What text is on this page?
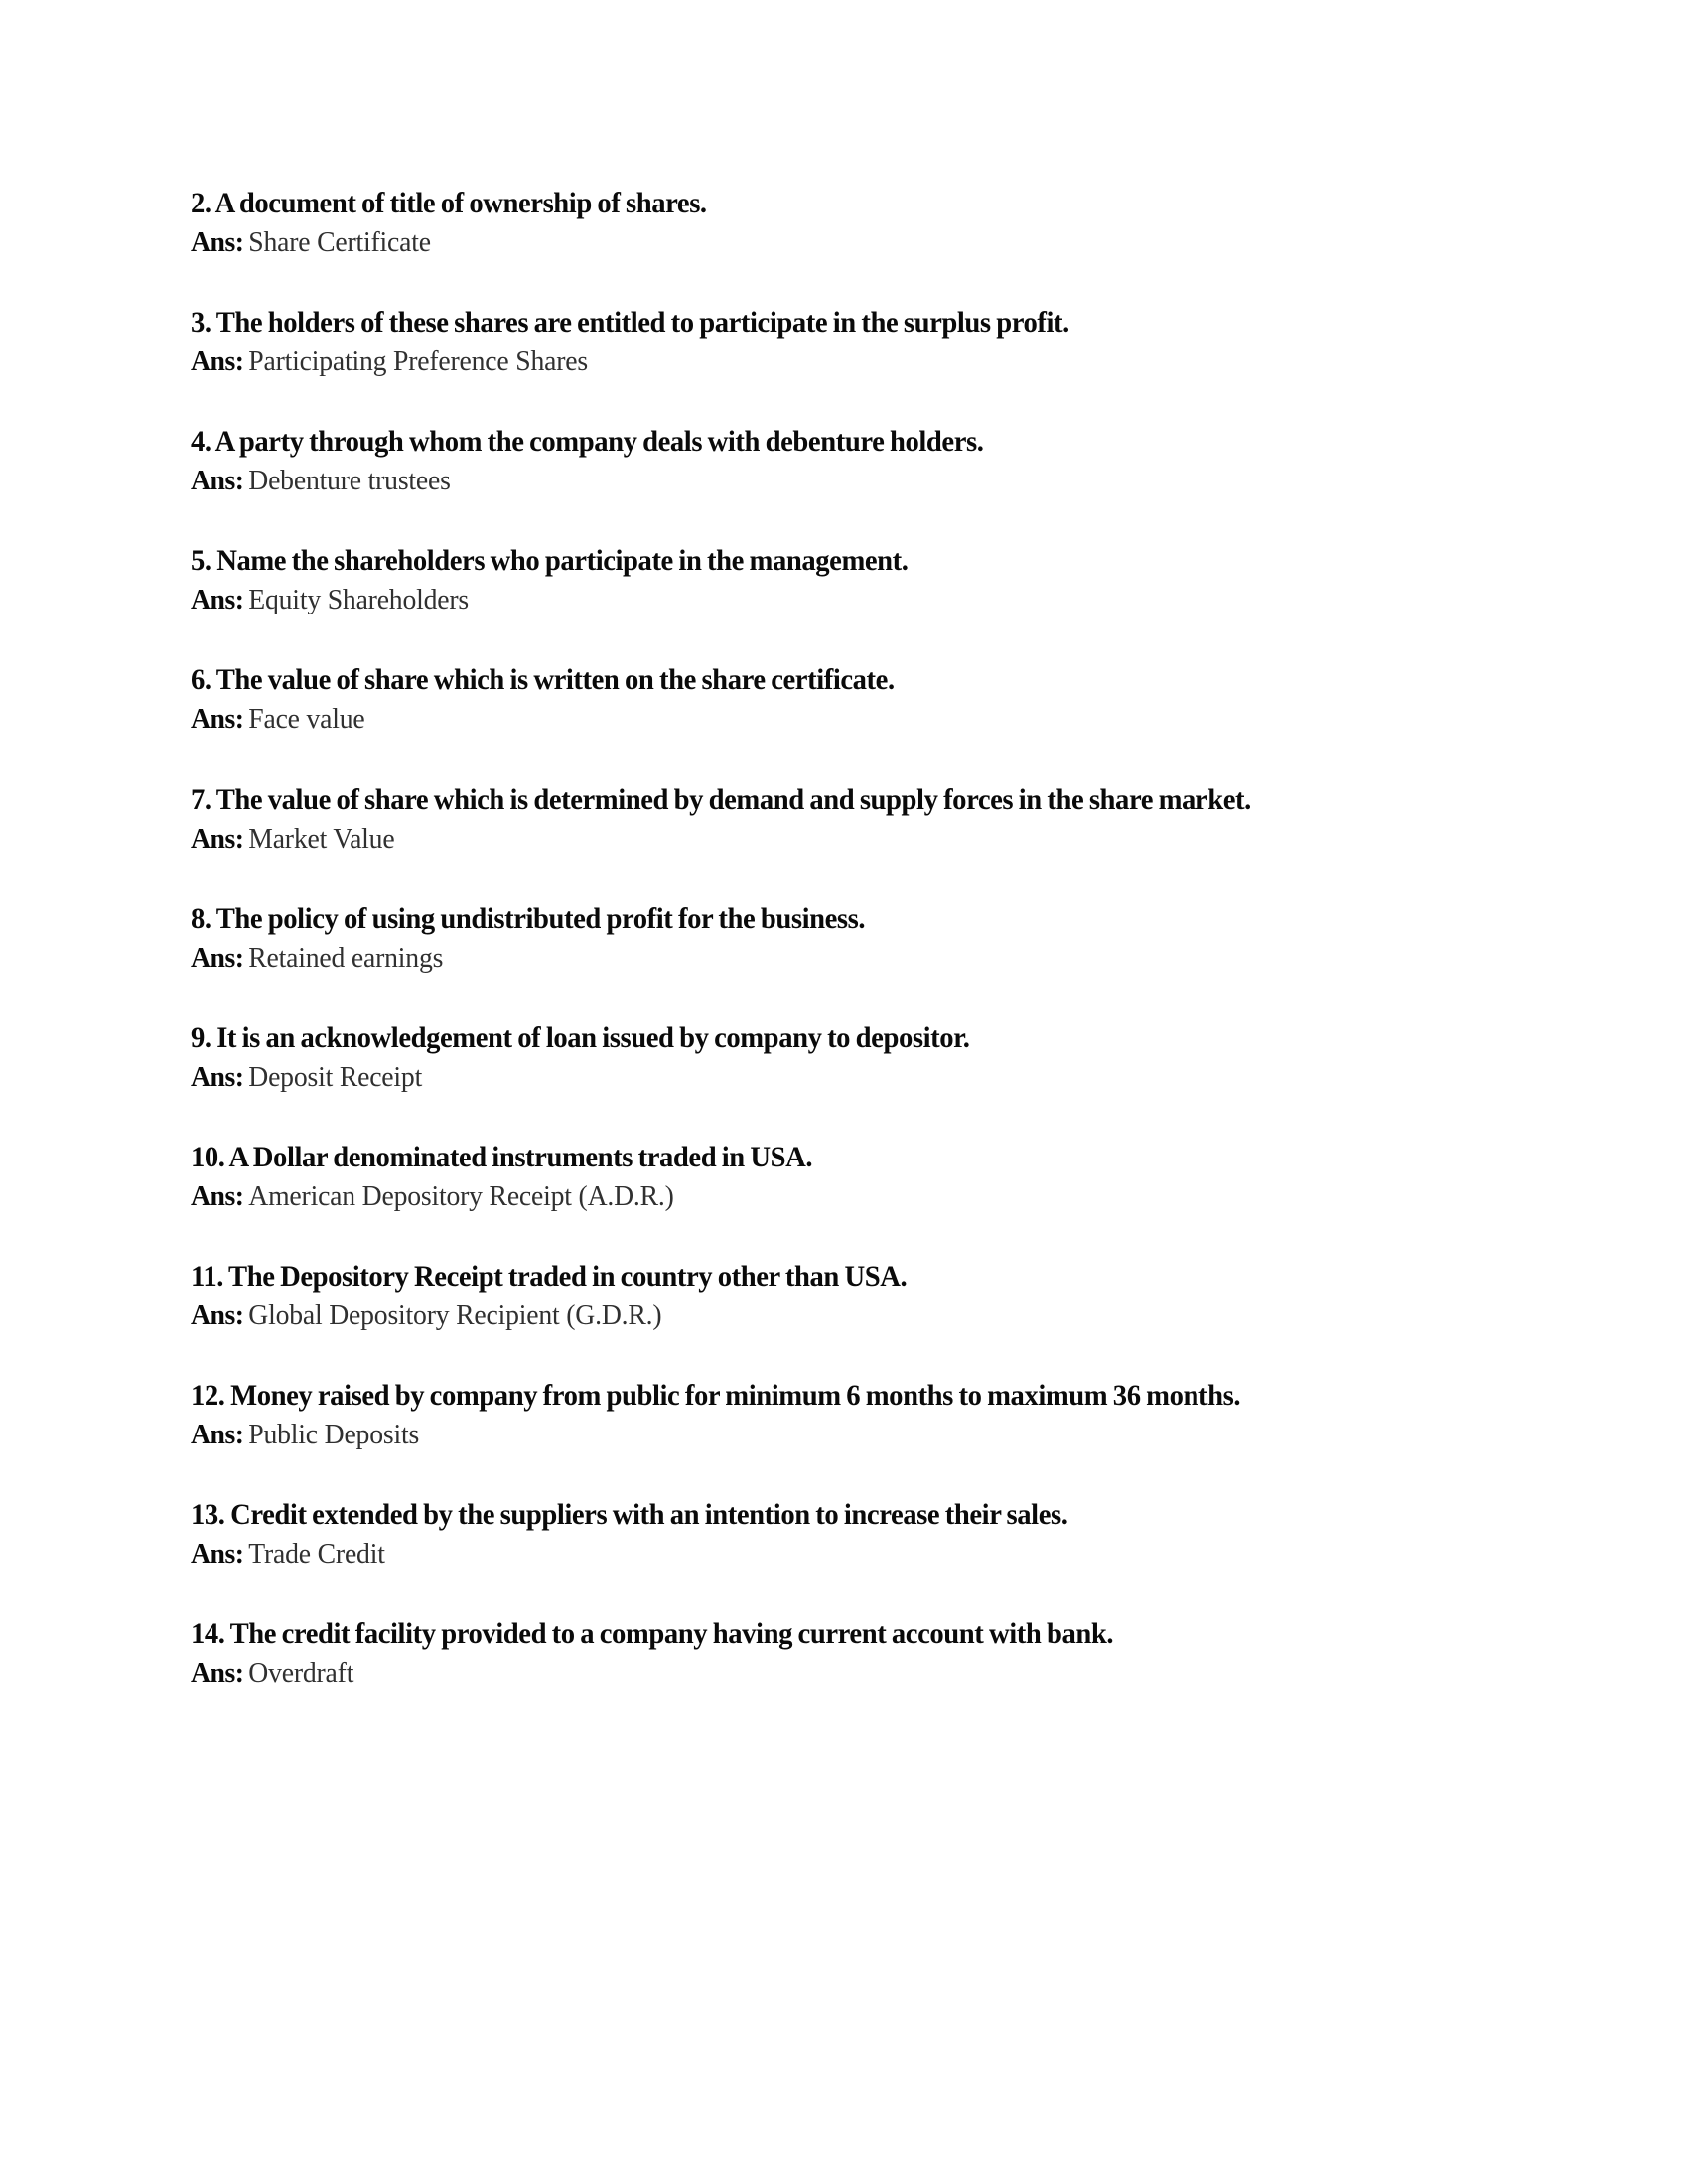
2. A document of title of ownership of shares.

Ans: Share Certificate

3. The holders of these shares are entitled to participate in the surplus profit.

Ans: Participating Preference Shares

4. A party through whom the company deals with debenture holders.

Ans: Debenture trustees

5. Name the shareholders who participate in the management.

Ans: Equity Shareholders

6. The value of share which is written on the share certificate.

Ans: Face value

7. The value of share which is determined by demand and supply forces in the share market.

Ans: Market Value

8. The policy of using undistributed profit for the business.

Ans: Retained earnings

9. It is an acknowledgement of loan issued by company to depositor.

Ans: Deposit Receipt

10. A Dollar denominated instruments traded in USA.

Ans: American Depository Receipt (A.D.R.)

11. The Depository Receipt traded in country other than USA.

Ans: Global Depository Recipient (G.D.R.)

12. Money raised by company from public for minimum 6 months to maximum 36 months.

Ans: Public Deposits

13. Credit extended by the suppliers with an intention to increase their sales.

Ans: Trade Credit

14. The credit facility provided to a company having current account with bank.

Ans: Overdraft
